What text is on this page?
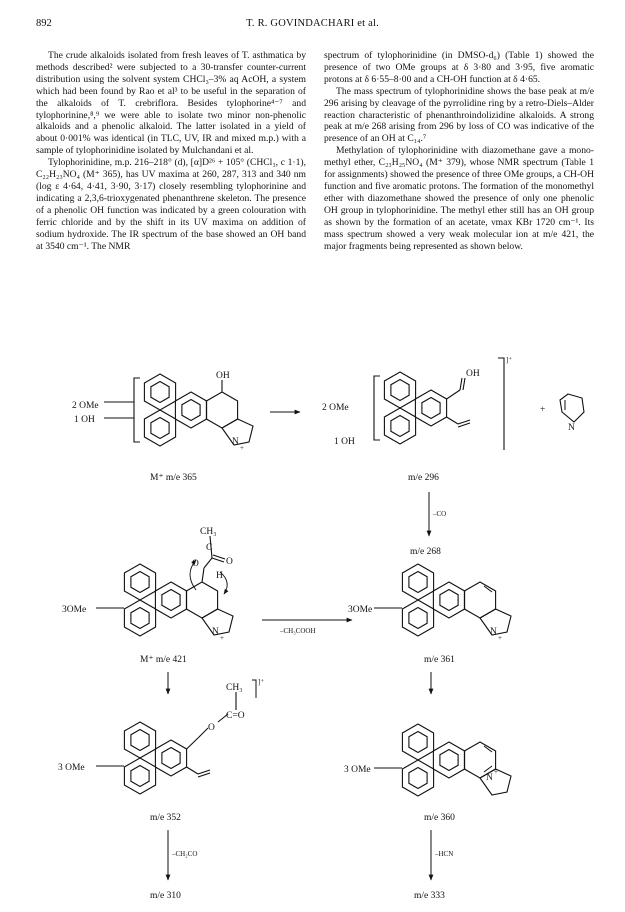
892	T. R. GOVINDACHARI et al.

The crude alkaloids isolated from fresh leaves of T. asthmatica by methods described² were subjected to a 30-transfer counter-current distribution using the solvent system CHCl₃–3% aq AcOH, a system which had been found by Rao et al³ to be useful in the separation of the alkaloids of T. crebriflora. Besides tylophorine⁴⁻⁷ and tylophorinine,⁸,⁹ we were able to isolate two minor non-phenolic alkaloids and a phenolic alkaloid. The latter isolated in a yield of about 0·001% was identical (in TLC, UV, IR and mixed m.p.) with a sample of tylophorinidine isolated by Mulchandani et al.

Tylophorinidine, m.p. 216–218° (d), [α]D²⁶ + 105° (CHCl₃, c 1·1), C₂₂H₂₃NO₄ (M⁺ 365), has UV maxima at 260, 287, 313 and 340 nm (log ε 4·64, 4·41, 3·90, 3·17) closely resembling tylophorinine and indicating a 2,3,6-trioxygenated phenanthrene skeleton. The presence of a phenolic OH function was indicated by a green colouration with ferric chloride and by the shift in its UV maxima on addition of sodium hydroxide. The IR spectrum of the base showed an OH band at 3540 cm⁻¹. The NMR

spectrum of tylophorinidine (in DMSO-d₆) (Table 1) showed the presence of two OMe groups at δ 3·80 and 3·95, five aromatic protons at δ 6·55–8·00 and a CH-OH function at δ 4·65.

The mass spectrum of tylophorinidine shows the base peak at m/e 296 arising by cleavage of the pyrrolidine ring by a retro-Diels–Alder reaction characteristic of phenanthroindolizidine alkaloids. A strong peak at m/e 268 arising from 296 by loss of CO was indicative of the presence of an OH at C₁₄.⁷

Methylation of tylophorinidine with diazomethane gave a mono-methyl ether, C₂₃H₂₅NO₄ (M⁺ 379), whose NMR spectrum (Table 1 for assignments) showed the presence of three OMe groups, a CH-OH function and five aromatic protons. The formation of the monomethyl ether with diazomethane showed the presence of only one phenolic OH group in tylophorinidine. The methyl ether still has an OH group as shown by the formation of an acetate, νmax KBr 1720 cm⁻¹. Its mass spectrum showed a very weak molecular ion at m/e 421, the major fragments being represented as shown below.

2 OMe
1 OH
OH
N
+
M⁺ m/e 365
2 OMe
1 OH
OH
]⁺
+
N
m/e 296
–CO
m/e 268
CH₃
C
O	O
H
N
+
3OMe
M⁺ m/e 421
–CH₃COOH
3OMe
N
+
m/e 361
CH₃
]⁺
O
C=O
3 OMe
m/e 352
3 OMe
N
+
m/e 360
–CH₂CO
m/e 310
–HCN
m/e 333
